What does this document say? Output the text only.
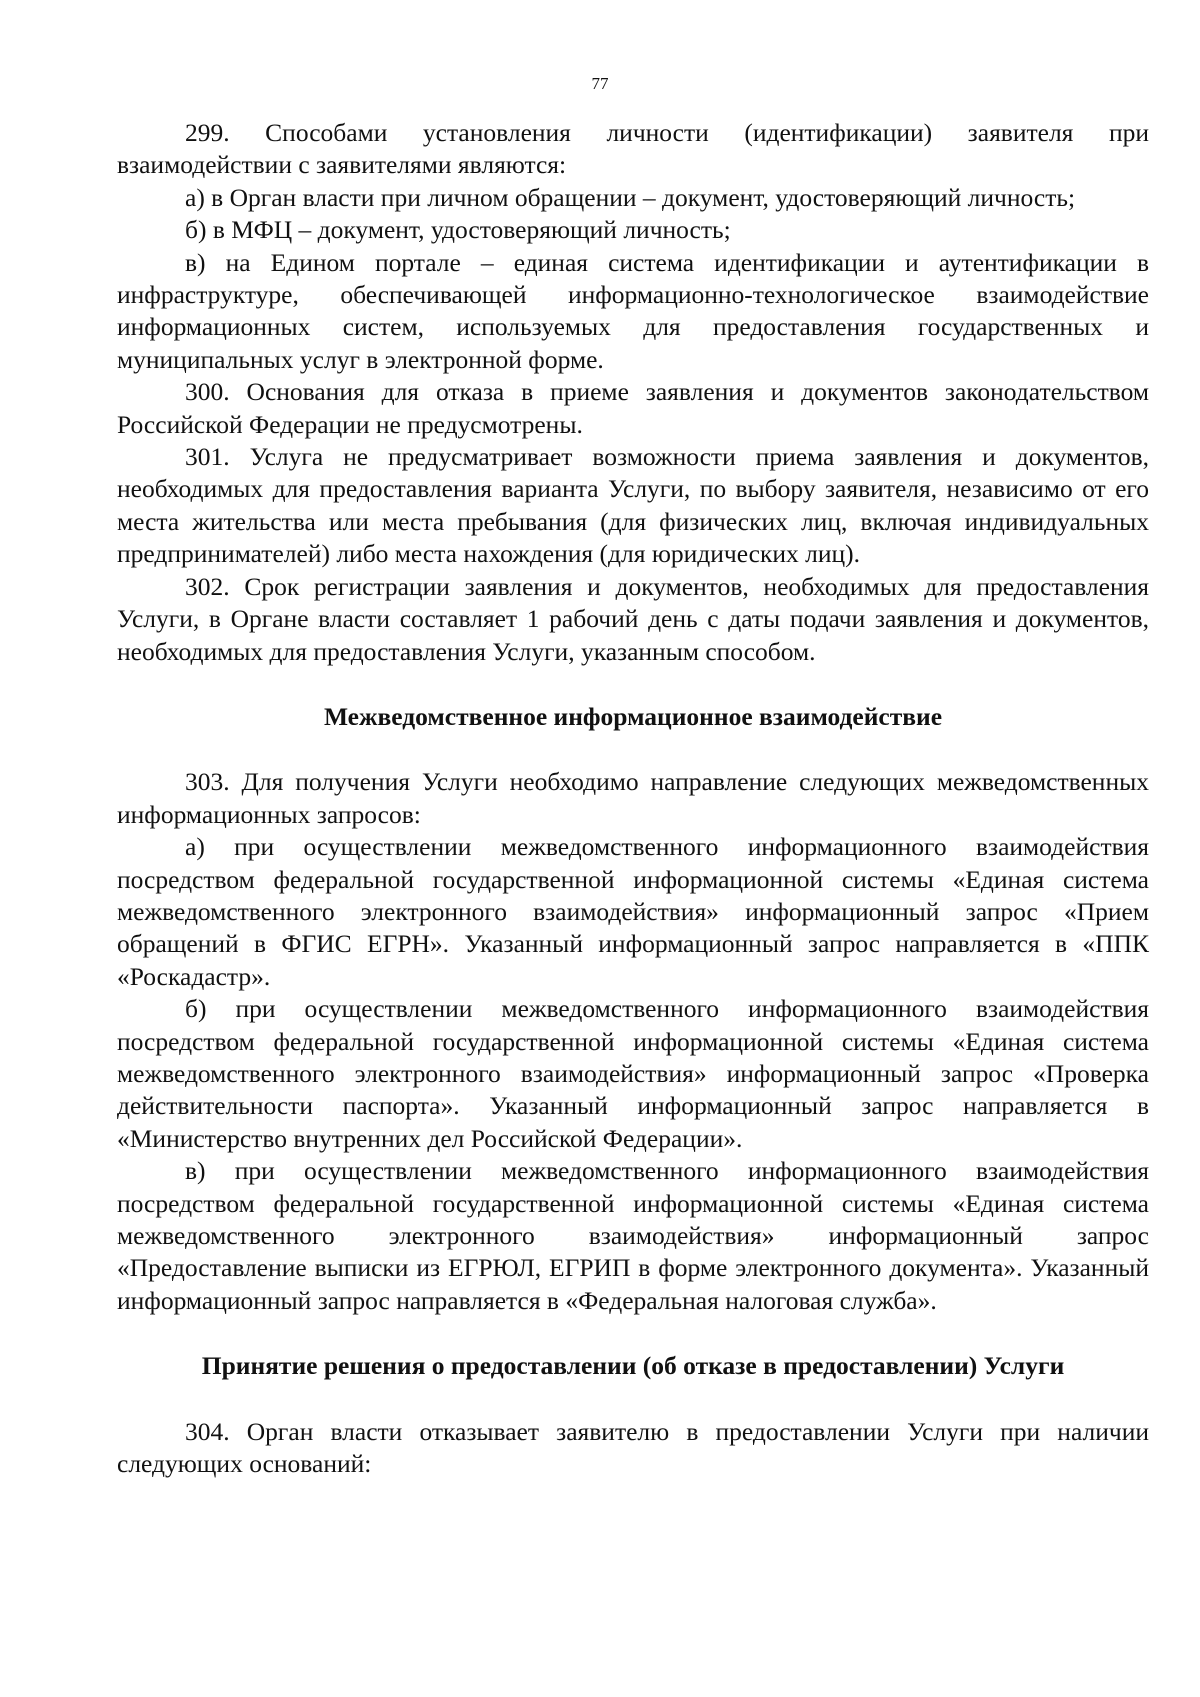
77

299. Способами установления личности (идентификации) заявителя при взаимодействии с заявителями являются:

а) в Орган власти при личном обращении – документ, удостоверяющий личность;

б) в МФЦ – документ, удостоверяющий личность;

в) на Едином портале – единая система идентификации и аутентификации в инфраструктуре, обеспечивающей информационно-технологическое взаимодействие информационных систем, используемых для предоставления государственных и муниципальных услуг в электронной форме.

300. Основания для отказа в приеме заявления и документов законодательством Российской Федерации не предусмотрены.

301. Услуга не предусматривает возможности приема заявления и документов, необходимых для предоставления варианта Услуги, по выбору заявителя, независимо от его места жительства или места пребывания (для физических лиц, включая индивидуальных предпринимателей) либо места нахождения (для юридических лиц).

302. Срок регистрации заявления и документов, необходимых для предоставления Услуги, в Органе власти составляет 1 рабочий день с даты подачи заявления и документов, необходимых для предоставления Услуги, указанным способом.

Межведомственное информационное взаимодействие

303. Для получения Услуги необходимо направление следующих межведомственных информационных запросов:

а) при осуществлении межведомственного информационного взаимодействия посредством федеральной государственной информационной системы «Единая система межведомственного электронного взаимодействия» информационный запрос «Прием обращений в ФГИС ЕГРН». Указанный информационный запрос направляется в «ППК «Роскадастр».

б) при осуществлении межведомственного информационного взаимодействия посредством федеральной государственной информационной системы «Единая система межведомственного электронного взаимодействия» информационный запрос «Проверка действительности паспорта». Указанный информационный запрос направляется в «Министерство внутренних дел Российской Федерации».

в) при осуществлении межведомственного информационного взаимодействия посредством федеральной государственной информационной системы «Единая система межведомственного электронного взаимодействия» информационный запрос «Предоставление выписки из ЕГРЮЛ, ЕГРИП в форме электронного документа». Указанный информационный запрос направляется в «Федеральная налоговая служба».

Принятие решения о предоставлении (об отказе в предоставлении) Услуги

304. Орган власти отказывает заявителю в предоставлении Услуги при наличии следующих оснований:
